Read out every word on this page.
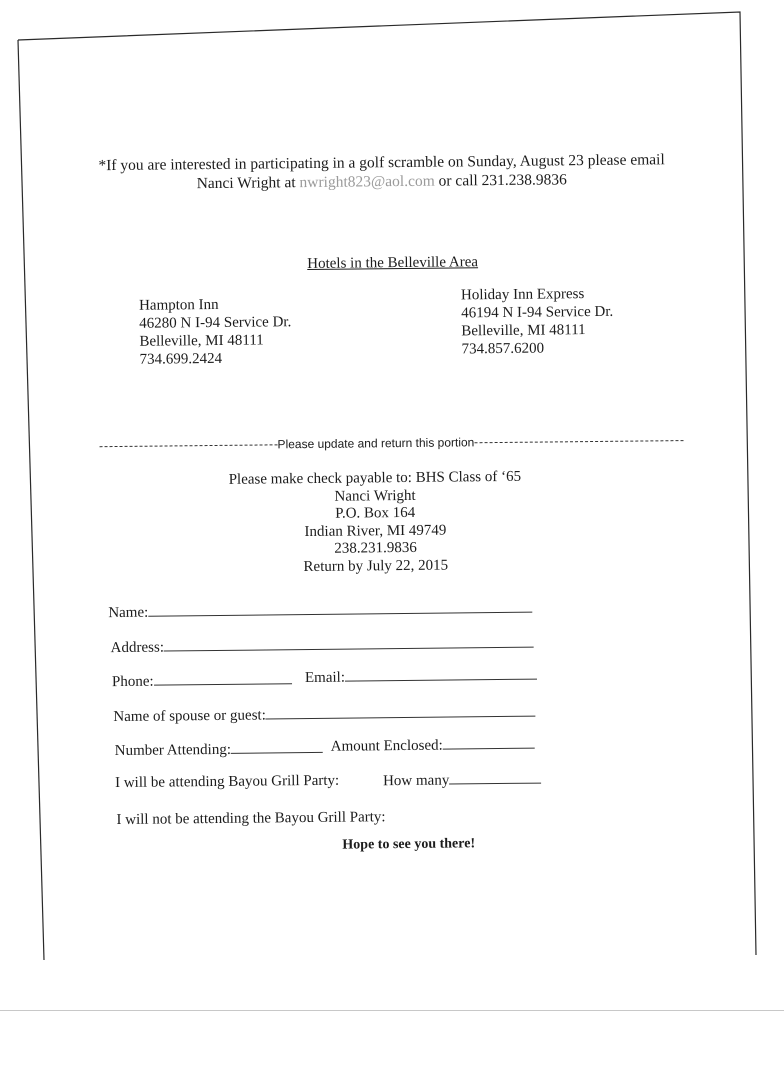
*If you are interested in participating in a golf scramble on Sunday, August 23 please email
Nanci Wright at nwright823@aol.com or call 231.238.9836
Hotels in the Belleville Area
Hampton Inn
46280 N I-94 Service Dr.
Belleville, MI 48111
734.699.2424
Holiday Inn Express
46194 N I-94 Service Dr.
Belleville, MI 48111
734.857.6200
Please update and return this portion
Please make check payable to: BHS Class of ‘65
Nanci Wright
P.O. Box 164
Indian River, MI 49749
238.231.9836
Return by July 22, 2015
Name:
Address:
Phone:	Email:
Name of spouse or guest:
Number Attending:	Amount Enclosed:
I will be attending Bayou Grill Party:	How many
I will not be attending the Bayou Grill Party:
Hope to see you there!
